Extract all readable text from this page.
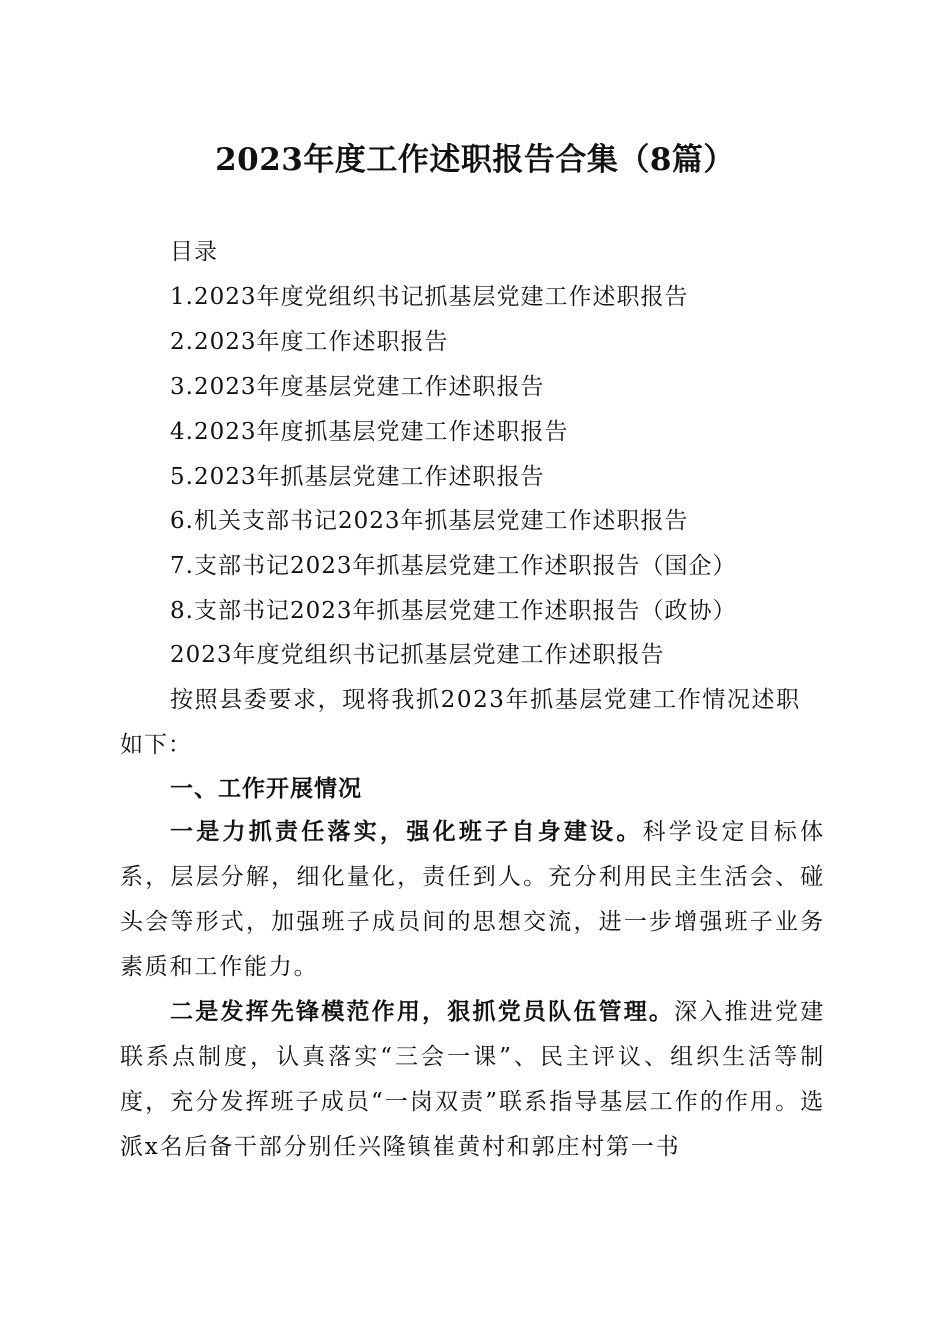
2023年度工作述职报告合集（8篇）
目录
1.2023年度党组织书记抓基层党建工作述职报告
2.2023年度工作述职报告
3.2023年度基层党建工作述职报告
4.2023年度抓基层党建工作述职报告
5.2023年抓基层党建工作述职报告
6.机关支部书记2023年抓基层党建工作述职报告
7.支部书记2023年抓基层党建工作述职报告（国企）
8.支部书记2023年抓基层党建工作述职报告（政协）
2023年度党组织书记抓基层党建工作述职报告
按照县委要求，现将我抓2023年抓基层党建工作情况述职
如下：
一、工作开展情况

一是力抓责任落实，强化班子自身建设。科学设定目标体系，层层分解，细化量化，责任到人。充分利用民主生活会、碰头会等形式，加强班子成员间的思想交流，进一步增强班子业务素质和工作能力。

二是发挥先锋模范作用，狠抓党员队伍管理。深入推进党建联系点制度，认真落实“三会一课”、民主评议、组织生活等制度，充分发挥班子成员“一岗双责”联系指导基层工作的作用。选派x名后备干部分别任兴隆镇崔黄村和郭庄村第一书
